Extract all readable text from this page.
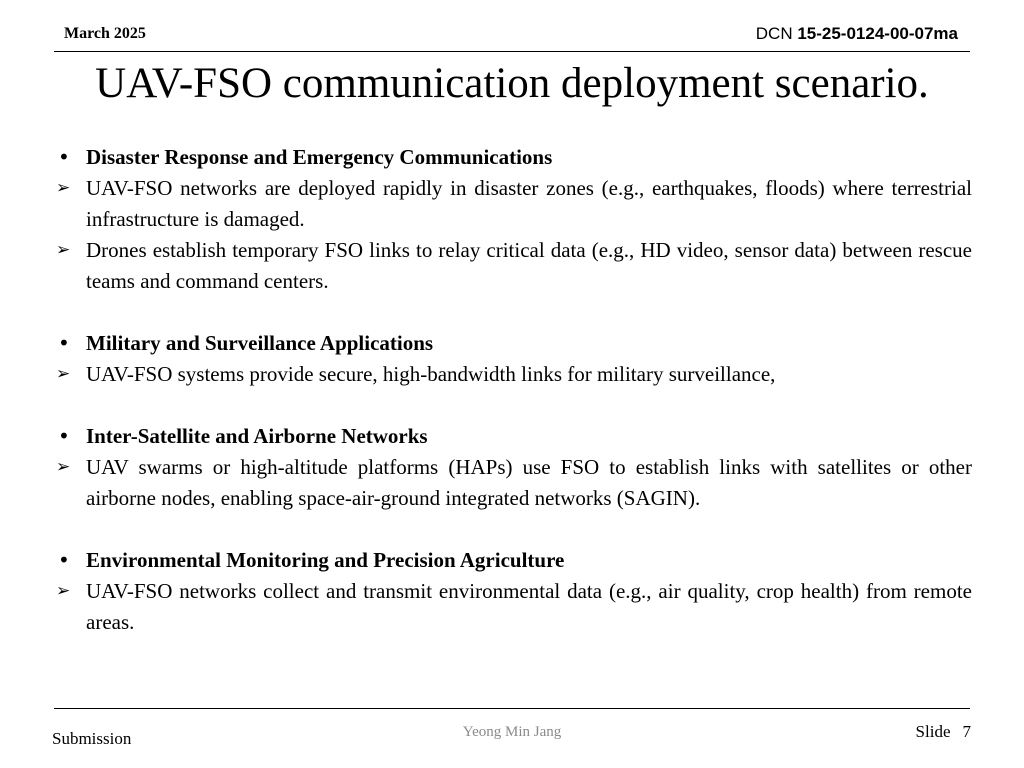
March 2025	DCN 15-25-0124-00-07ma
UAV-FSO communication deployment scenario.
• Disaster Response and Emergency Communications
➢ UAV-FSO networks are deployed rapidly in disaster zones (e.g., earthquakes, floods) where terrestrial infrastructure is damaged.
➢ Drones establish temporary FSO links to relay critical data (e.g., HD video, sensor data) between rescue teams and command centers.
• Military and Surveillance Applications
➢ UAV-FSO systems provide secure, high-bandwidth links for military surveillance,
• Inter-Satellite and Airborne Networks
➢ UAV swarms or high-altitude platforms (HAPs) use FSO to establish links with satellites or other airborne nodes, enabling space-air-ground integrated networks (SAGIN).
• Environmental Monitoring and Precision Agriculture
➢ UAV-FSO networks collect and transmit environmental data (e.g., air quality, crop health) from remote areas.
Submission	Yeong Min Jang	Slide 7
